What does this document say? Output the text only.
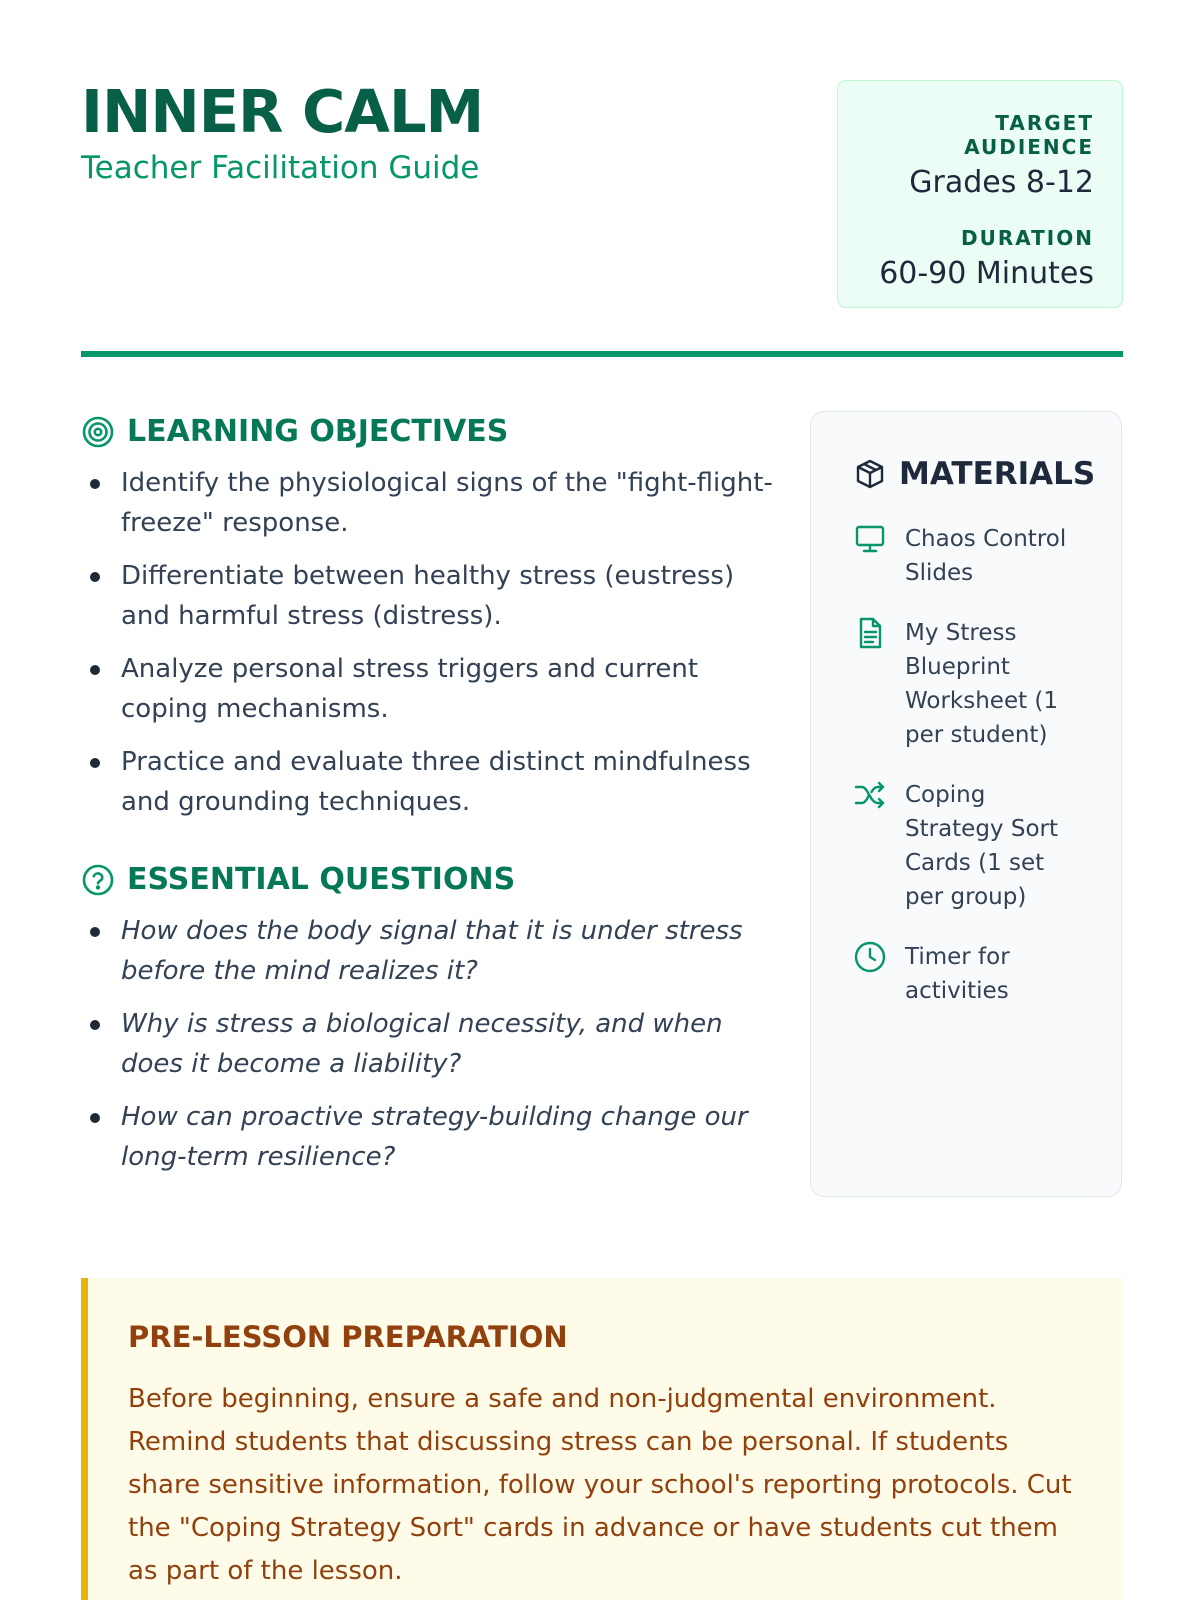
INNER CALM
Teacher Facilitation Guide
TARGET AUDIENCE
Grades 8-12
DURATION
60-90 Minutes
LEARNING OBJECTIVES
Identify the physiological signs of the "fight-flight-freeze" response.
Differentiate between healthy stress (eustress) and harmful stress (distress).
Analyze personal stress triggers and current coping mechanisms.
Practice and evaluate three distinct mindfulness and grounding techniques.
ESSENTIAL QUESTIONS
How does the body signal that it is under stress before the mind realizes it?
Why is stress a biological necessity, and when does it become a liability?
How can proactive strategy-building change our long-term resilience?
MATERIALS
Chaos Control Slides
My Stress Blueprint Worksheet (1 per student)
Coping Strategy Sort Cards (1 set per group)
Timer for activities
PRE-LESSON PREPARATION

Before beginning, ensure a safe and non-judgmental environment. Remind students that discussing stress can be personal. If students share sensitive information, follow your school's reporting protocols. Cut the "Coping Strategy Sort" cards in advance or have students cut them as part of the lesson.
